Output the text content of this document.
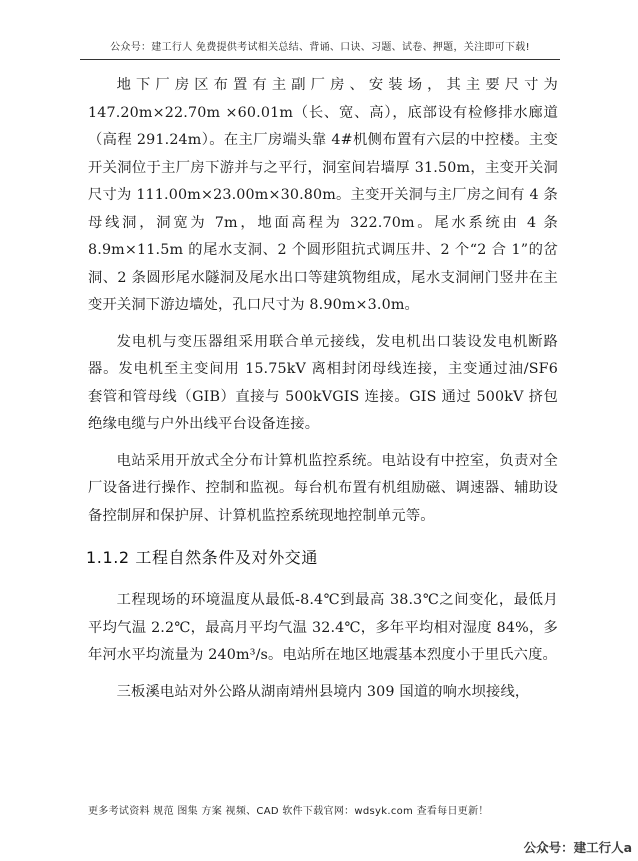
公众号：建工行人 免费提供考试相关总结、背诵、口诀、习题、试卷、押题，关注即可下载!

地下厂房区布置有主副厂房、安装场，其主要尺寸为 147.20m×22.70m ×60.01m（长、宽、高），底部设有检修排水廊道（高程 291.24m）。在主厂房端头靠 4#机侧布置有六层的中控楼。主变开关洞位于主厂房下游并与之平行，洞室间岩墙厚 31.50m，主变开关洞尺寸为 111.00m×23.00m×30.80m。主变开关洞与主厂房之间有 4 条母线洞，洞宽为 7m，地面高程为 322.70m。尾水系统由 4 条 8.9m×11.5m 的尾水支洞、2 个圆形阻抗式调压井、2 个“2 合 1”的岔洞、2 条圆形尾水隧洞及尾水出口等建筑物组成，尾水支洞闸门竖井在主变开关洞下游边墙处，孔口尺寸为 8.90m×3.0m。

发电机与变压器组采用联合单元接线，发电机出口装设发电机断路器。发电机至主变间用 15.75kV 离相封闭母线连接，主变通过油/SF6 套管和管母线（GIB）直接与 500kVGIS 连接。GIS 通过 500kV 挤包绝缘电缆与户外出线平台设备连接。

电站采用开放式全分布计算机监控系统。电站设有中控室，负责对全厂设备进行操作、控制和监视。每台机布置有机组励磁、调速器、辅助设备控制屏和保护屏、计算机监控系统现地控制单元等。

1.1.2 工程自然条件及对外交通

工程现场的环境温度从最低-8.4℃到最高 38.3℃之间变化，最低月平均气温 2.2℃，最高月平均气温 32.4℃，多年平均相对湿度 84%，多年河水平均流量为 240m³/s。电站所在地区地震基本烈度小于里氏六度。

三板溪电站对外公路从湖南靖州县境内 309 国道的响水坝接线，

更多考试资料 规范 图集 方案 视频、CAD 软件下载官网：wdsyk.com 查看每日更新！
公众号：建工行人a
